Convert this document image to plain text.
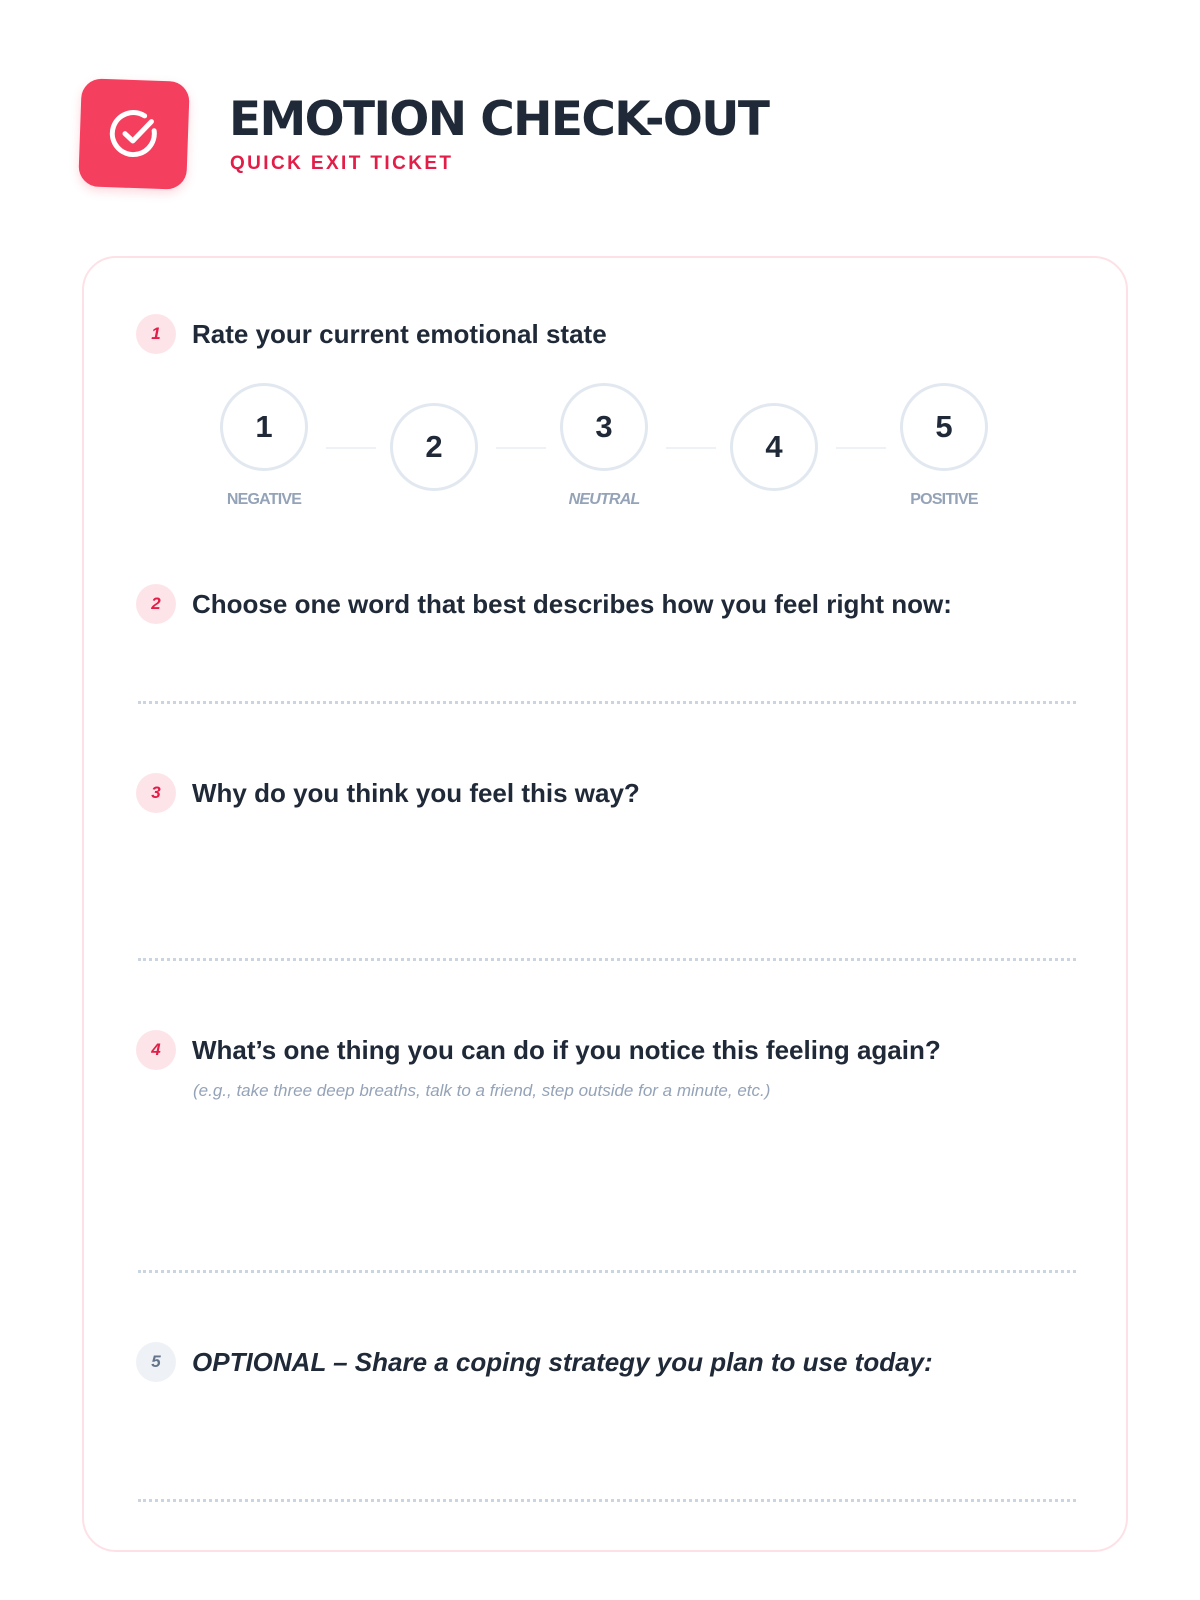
EMOTION CHECK-OUT
QUICK EXIT TICKET
1	Rate your current emotional state
1
2
3
4
5
NEGATIVE	NEUTRAL	POSITIVE
2	Choose one word that best describes how you feel right now:
3	Why do you think you feel this way?
4	What’s one thing you can do if you notice this feeling again?
(e.g., take three deep breaths, talk to a friend, step outside for a minute, etc.)
5	OPTIONAL – Share a coping strategy you plan to use today:
